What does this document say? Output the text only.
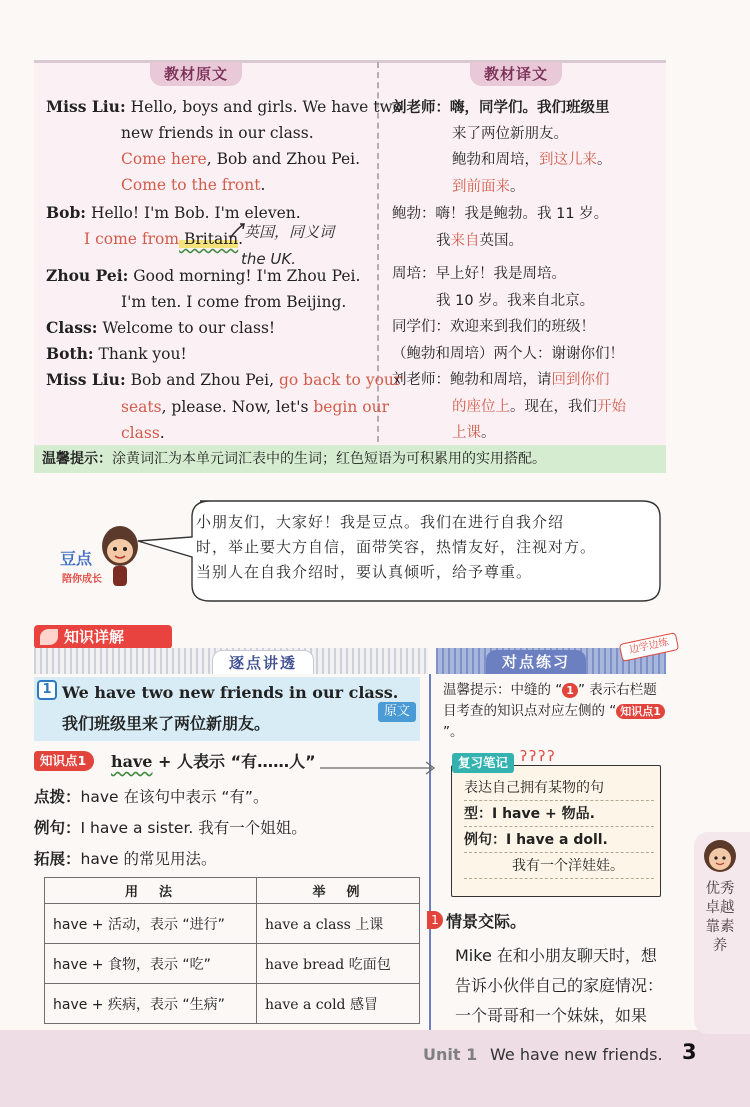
教材原文	教材译文
Miss Liu: Hello, boys and girls. We have two
new friends in our class.
Come here, Bob and Zhou Pei.
Come to the front.
Bob: Hello! I'm Bob. I'm eleven.
I come from Britain. 英国，同义词
the UK.
Zhou Pei: Good morning! I'm Zhou Pei.
I'm ten. I come from Beijing.
Class: Welcome to our class!
Both: Thank you!
Miss Liu: Bob and Zhou Pei, go back to your
seats, please. Now, let's begin our
class.
刘老师：嗨，同学们。我们班级里
来了两位新朋友。
鲍勃和周培，到这儿来。
到前面来。
鲍勃：嗨！我是鲍勃。我 11 岁。
我来自英国。
周培：早上好！我是周培。
我 10 岁。我来自北京。
同学们：欢迎来到我们的班级！
（鲍勃和周培）两个人：谢谢你们！
刘老师：鲍勃和周培，请回到你们
的座位上。现在，我们开始
上课。
温馨提示：涂黄词汇为本单元词汇表中的生词；红色短语为可积累用的实用搭配。
豆点
陪你成长
小朋友们，大家好！我是豆点。我们在进行自我介绍
时，举止要大方自信，面带笑容，热情友好，注视对方。
当别人在自我介绍时，要认真倾听，给予尊重。
知识详解
逐点讲透	对点练习
边学边练
1 We have two new friends in our class.
我们班级里来了两位新朋友。
原文
知识点1	have + 人表示 “有……人”
点拨：have 在该句中表示 “有”。
例句：I have a sister. 我有一个姐姐。
拓展：have 的常见用法。
用　法	举　例
have + 活动，表示 “进行”	have a class 上课
have + 食物，表示 “吃”	have bread 吃面包
have + 疾病，表示 “生病”	have a cold 感冒
温馨提示：中缝的 “ 1 ” 表示右栏题目考查的知识点对应左侧的 “ 知识点1”。
复习笔记 ʔʔʔʔ
表达自己拥有某物的句
型：I have + 物品.
例句：I have a doll.
我有一个洋娃娃。
1 情景交际。
Mike 在和小朋友聊天时，想
告诉小伙伴自己的家庭情况：
一个哥哥和一个妹妹，如果
优秀卓越靠素养
Unit 1 We have new friends. 3
